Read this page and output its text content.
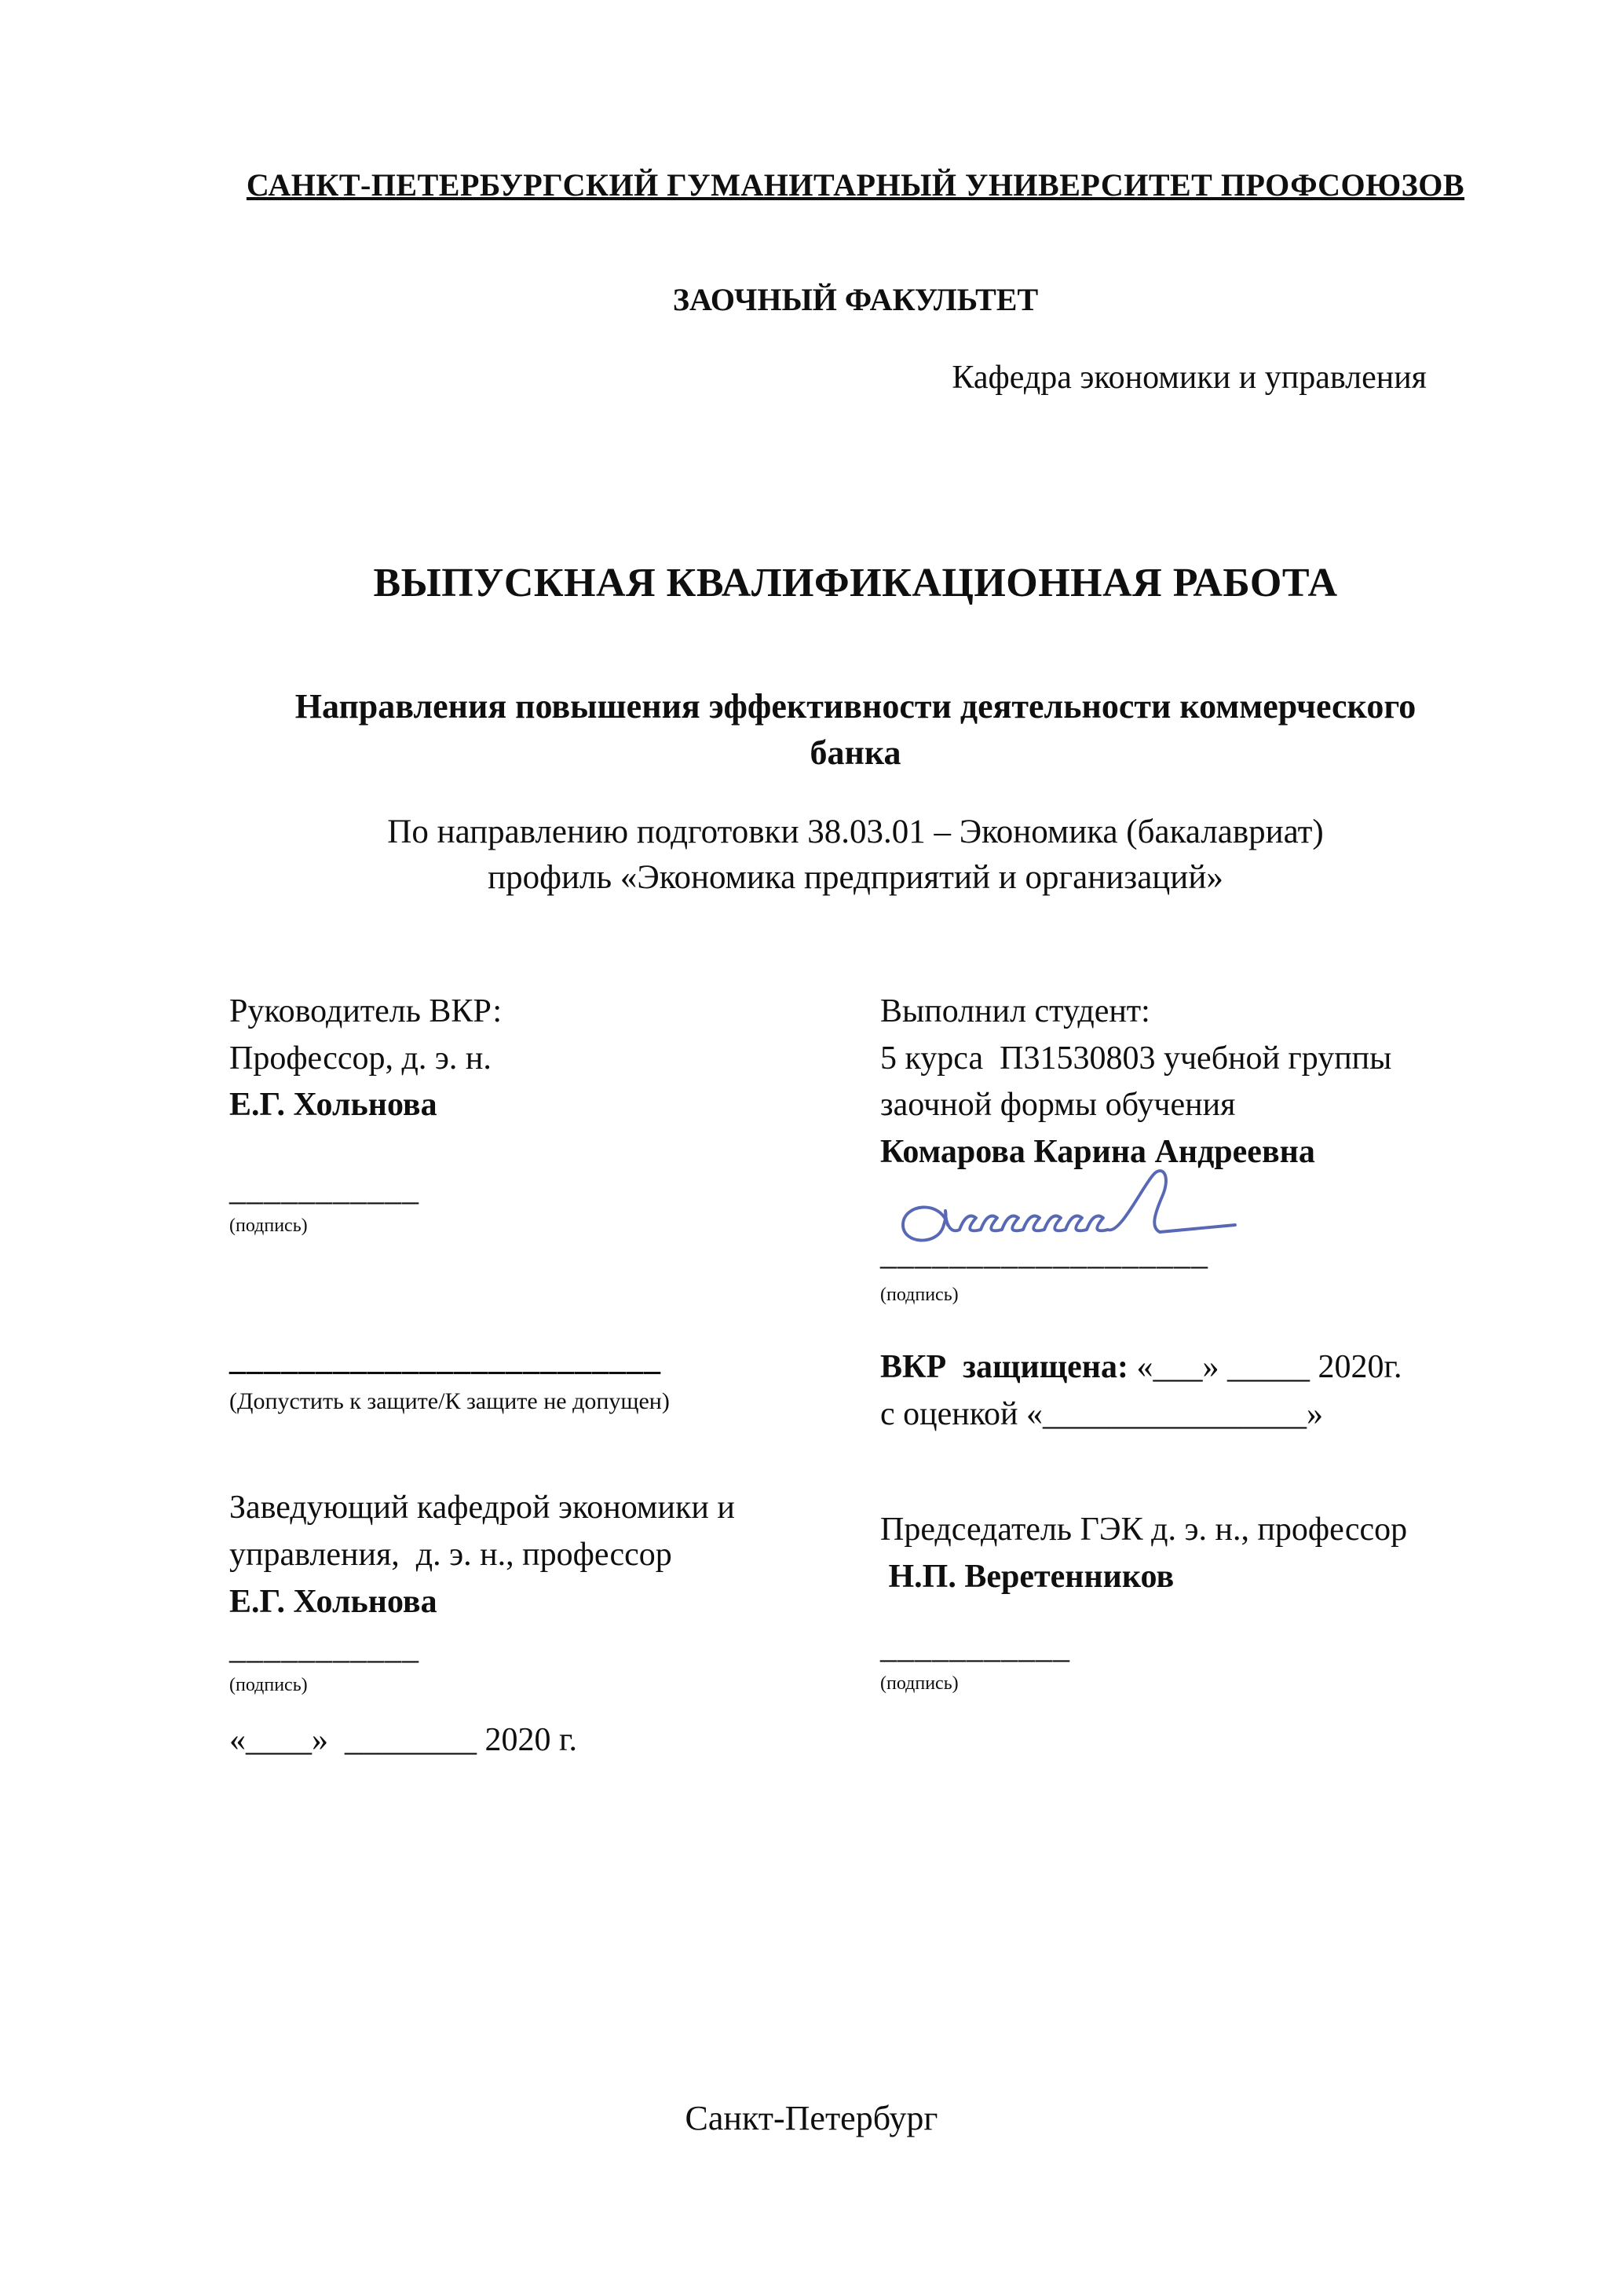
САНКТ-ПЕТЕРБУРГСКИЙ ГУМАНИТАРНЫЙ УНИВЕРСИТЕТ ПРОФСОЮЗОВ
ЗАОЧНЫЙ ФАКУЛЬТЕТ
Кафедра экономики и управления
ВЫПУСКНАЯ КВАЛИФИКАЦИОННАЯ РАБОТА
Направления повышения эффективности деятельности коммерческого
банка
По направлению подготовки 38.03.01 – Экономика (бакалавриат)
профиль «Экономика предприятий и организаций»
Руководитель ВКР:
Профессор, д. э. н.
Е.Г. Хольнова
___________
(подпись)
_________________________
(Допустить к защите/К защите не допущен)
Заведующий кафедрой экономики и
управления,  д. э. н., профессор
Е.Г. Хольнова
___________
(подпись)
«____»  ________ 2020 г.
Выполнил студент:
5 курса  П31530803 учебной группы
заочной формы обучения
Комарова Карина Андреевна
___________________
(подпись)
ВКР  защищена: «___» _____ 2020г.
с оценкой «________________»
Председатель ГЭК д. э. н., профессор
Н.П. Веретенников
___________
(подпись)
Санкт-Петербург
